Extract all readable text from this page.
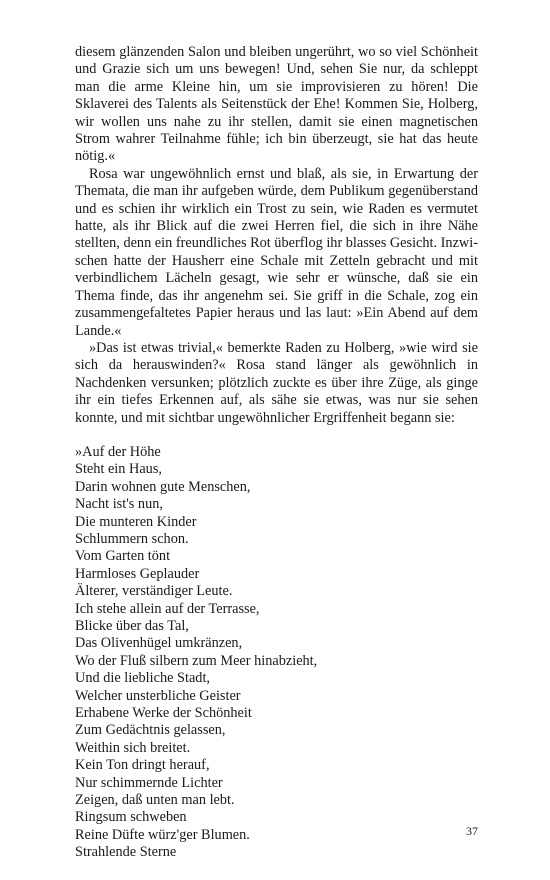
diesem glänzenden Salon und bleiben ungerührt, wo so viel Schönheit und Grazie sich um uns bewegen! Und, sehen Sie nur, da schleppt man die arme Kleine hin, um sie improvisieren zu hören! Die Sklaverei des Talents als Seitenstück der Ehe! Kommen Sie, Holberg, wir wollen uns nahe zu ihr stellen, damit sie einen magnetischen Strom wahrer Teilnahme fühle; ich bin überzeugt, sie hat das heute nötig.«

Rosa war ungewöhnlich ernst und blaß, als sie, in Erwartung der Themata, die man ihr aufgeben würde, dem Publikum gegenüberstand und es schien ihr wirklich ein Trost zu sein, wie Raden es vermutet hatte, als ihr Blick auf die zwei Herren fiel, die sich in ihre Nähe stellten, denn ein freundliches Rot überflog ihr blasses Gesicht. Inzwischen hatte der Hausherr eine Schale mit Zetteln gebracht und mit verbindlichem Lächeln gesagt, wie sehr er wünsche, daß sie ein Thema finde, das ihr angenehm sei. Sie griff in die Schale, zog ein zusammengefaltetes Papier heraus und las laut: »Ein Abend auf dem Lande.«

»Das ist etwas trivial,« bemerkte Raden zu Holberg, »wie wird sie sich da herauswinden?« Rosa stand länger als gewöhnlich in Nachdenken versunken; plötzlich zuckte es über ihre Züge, als ginge ihr ein tiefes Erkennen auf, als sähe sie etwas, was nur sie sehen konnte, und mit sichtbar ungewöhnlicher Ergriffenheit begann sie:

»Auf der Höhe
Steht ein Haus,
Darin wohnen gute Menschen,
Nacht ist's nun,
Die munteren Kinder
Schlummern schon.
Vom Garten tönt
Harmloses Geplauder
Älterer, verständiger Leute.
Ich stehe allein auf der Terrasse,
Blicke über das Tal,
Das Olivenhügel umkränzen,
Wo der Fluß silbern zum Meer hinabzieht,
Und die liebliche Stadt,
Welcher unsterbliche Geister
Erhabene Werke der Schönheit
Zum Gedächtnis gelassen,
Weithin sich breitet.
Kein Ton dringt herauf,
Nur schimmernde Lichter
Zeigen, daß unten man lebt.
Ringsum schweben
Reine Düfte würz'ger Blumen.
Strahlende Sterne
37
